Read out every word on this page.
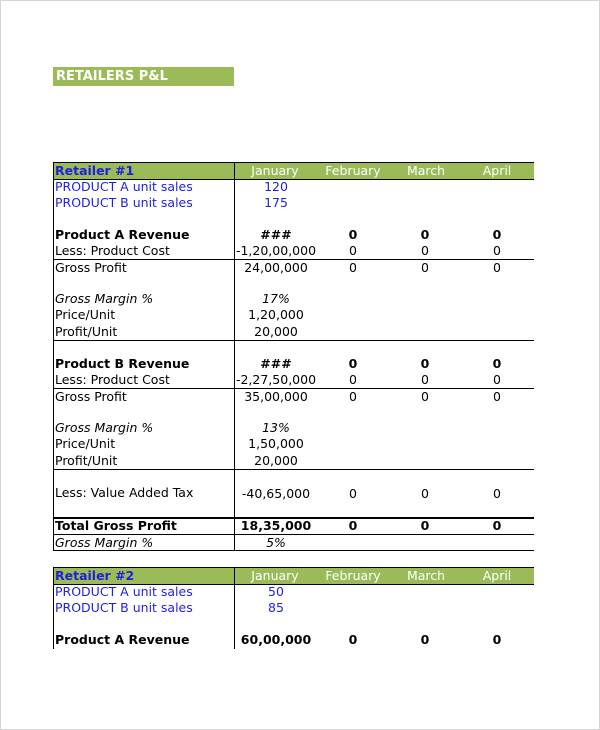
RETAILERS P&L
Retailer #1	January	February	March	April
PRODUCT A unit sales	120
PRODUCT B unit sales	175
Product A Revenue	###	0	0	0
Less: Product Cost	-1,20,00,000	0	0	0
Gross Profit	24,00,000	0	0	0
Gross Margin %	17%
Price/Unit	1,20,000
Profit/Unit	20,000
Product B Revenue	###	0	0	0
Less: Product Cost	-2,27,50,000	0	0	0
Gross Profit	35,00,000	0	0	0
Gross Margin %	13%
Price/Unit	1,50,000
Profit/Unit	20,000
Less: Value Added Tax	-40,65,000	0	0	0
Total Gross Profit	18,35,000	0	0	0
Gross Margin %	5%
Retailer #2	January	February	March	April
PRODUCT A unit sales	50
PRODUCT B unit sales	85
Product A Revenue	60,00,000	0	0	0
